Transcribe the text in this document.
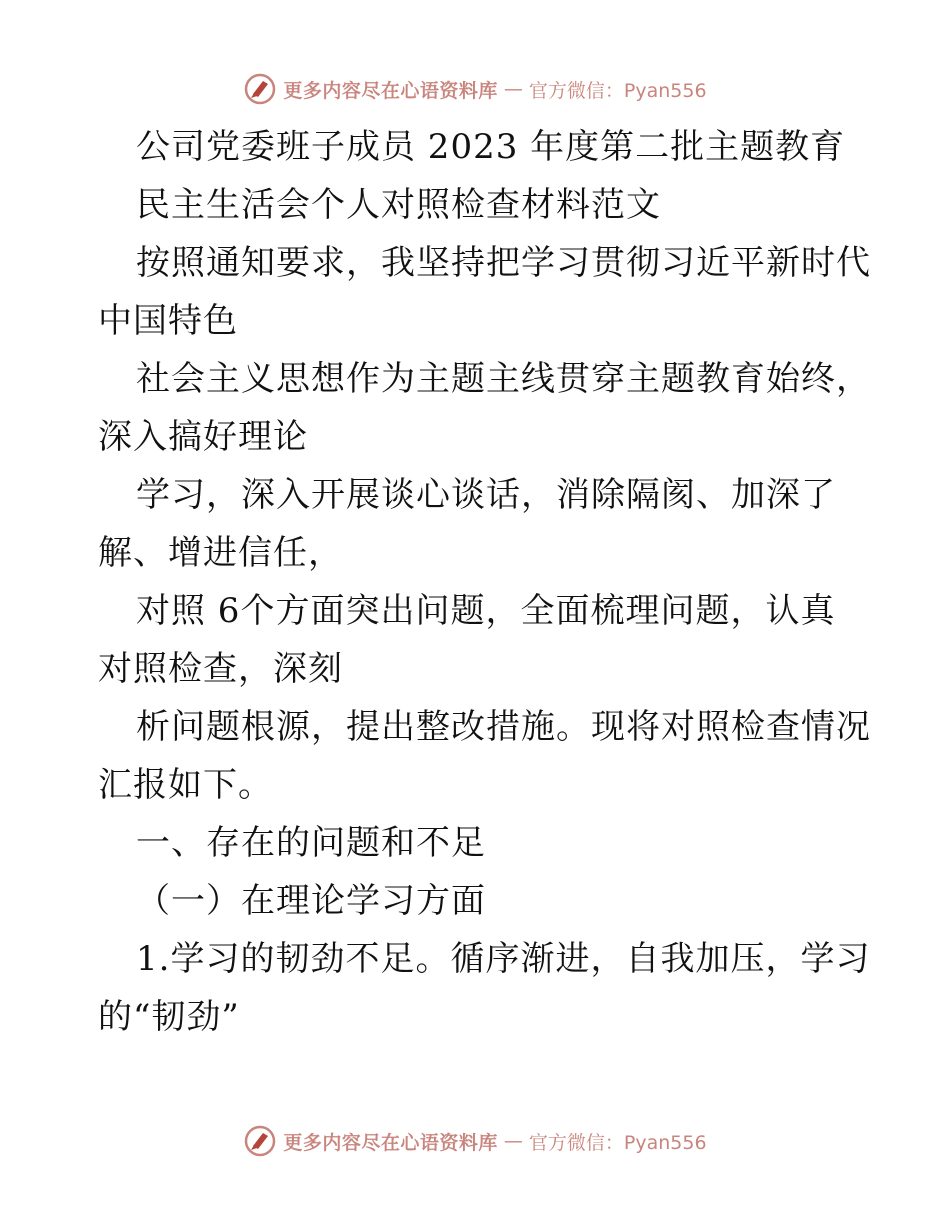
更多内容尽在心语资料库 — 官方微信：Pyan556
公司党委班子成员 2023 年度第二批主题教育
民主生活会个人对照检查材料范文
按照通知要求，我坚持把学习贯彻习近平新时代
中国特色
社会主义思想作为主题主线贯穿主题教育始终，
深入搞好理论
学习，深入开展谈心谈话，消除隔阂、加深了
解、增进信任，
对照 6个方面突出问题，全面梳理问题，认真
对照检查，深刻
析问题根源，提出整改措施。现将对照检查情况
汇报如下。
一、存在的问题和不足
（一）在理论学习方面
1.学习的韧劲不足。循序渐进，自我加压，学习
的“韧劲”
更多内容尽在心语资料库 — 官方微信：Pyan556
